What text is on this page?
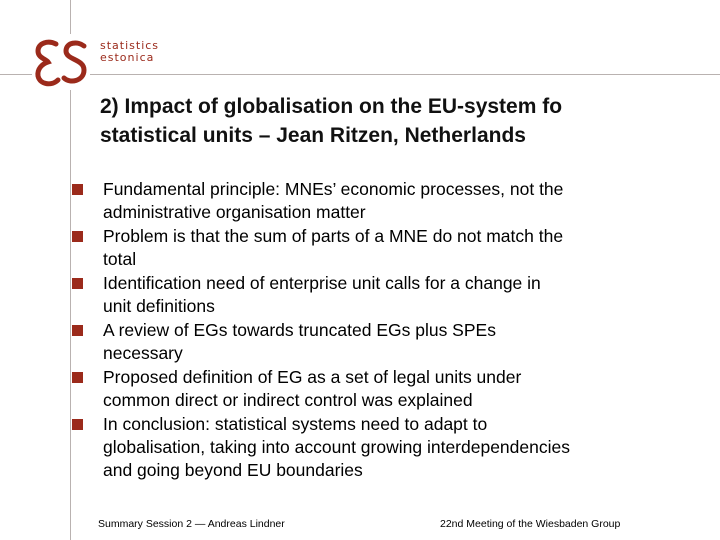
statistics
estonica
2) Impact of globalisation on the EU-system fo
statistical units – Jean Ritzen, Netherlands
Fundamental principle: MNEs’ economic processes, not the
administrative organisation matter
Problem is that the sum of parts of a MNE do not match the
total
Identification need of enterprise unit calls for a change in
unit definitions
A review of EGs towards truncated EGs plus SPEs
necessary
Proposed definition of EG as a set of legal units under
common direct or indirect control was explained
In conclusion: statistical systems need to adapt to
globalisation, taking into account growing interdependencies
and going beyond EU boundaries
Summary Session 2 — Andreas Lindner	22nd Meeting of the Wiesbaden Group
